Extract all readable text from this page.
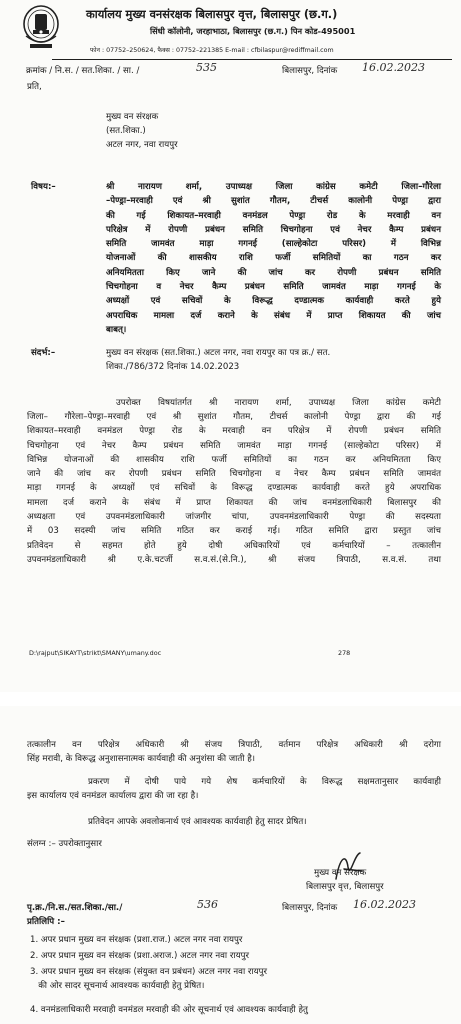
कार्यालय मुख्य वनसंरक्षक बिलासपुर वृत्त, बिलासपुर (छ.ग.)
सिंधी कॉलोनी, जरहाभाठा, बिलासपुर (छ.ग.) पिन कोड-495001
फोन : 07752–250624, फैक्स : 07752–221385 E-mail : cfbilaspur@rediffmail.com
क्रमांक / नि.स. / सत.शिका. / सा. /	535	बिलासपुर, दिनांक 16.02.2023
प्रति,
मुख्य वन संरक्षक
(सत.शिका.)
अटल नगर, नवा रायपुर
विषय:–	श्री नारायण शर्मा, उपाध्यक्ष जिला कांग्रेस कमेटी जिला–गौरेला
–पेण्ड्रा–मरवाही एवं श्री सुशांत गौतम, टीचर्स कालोनी पेण्ड्रा द्वारा
की गई शिकायत–मरवाही वनमंडल पेण्ड्रा रोड के मरवाही वन
परिक्षेत्र में रोपणी प्रबंधन समिति चिचगोहना एवं नेचर कैम्प प्रबंधन
समिति जामवंत माड़ा गगनई (साल्हेकोटा परिसर) में विभिन्न
योजनाओं की शासकीय राशि फर्जी समितियों का गठन कर
अनियमितता किए जाने की जांच कर रोपणी प्रबंधन समिति
चिचगोहना व नेचर कैम्प प्रबंधन समिति जामवंत माड़ा गगनई के
अध्यक्षों एवं सचिवों के विरूद्ध दण्डात्मक कार्यवाही करते हुये
अपराधिक मामला दर्ज कराने के संबंध में प्राप्त शिकायत की जांच
बाबत्।
संदर्भ:–	मुख्य वन संरक्षक (सत.शिका.) अटल नगर, नवा रायपुर का पत्र क्र./ सत.
शिका./786/372 दिनांक 14.02.2023
उपरोक्त विषयांतर्गत श्री नारायण शर्मा, उपाध्यक्ष जिला कांग्रेस कमेटी
जिला– गौरेला–पेण्ड्रा–मरवाही एवं श्री सुशांत गौतम, टीचर्स कालोनी पेण्ड्रा द्वारा की गई
शिकायत–मरवाही वनमंडल पेण्ड्रा रोड के मरवाही वन परिक्षेत्र में रोपणी प्रबंधन समिति
चिचगोहना एवं नेचर कैम्प प्रबंधन समिति जामवंत माड़ा गगनई (साल्हेकोटा परिसर) में
विभिन्न योजनाओं की शासकीय राशि फर्जी समितियों का गठन कर अनियमितता किए
जाने की जांच कर रोपणी प्रबंधन समिति चिचगोहना व नेचर कैम्प प्रबंधन समिति जामवंत
माड़ा गगनई के अध्यक्षों एवं सचिवों के विरूद्ध दण्डात्मक कार्यवाही करते हुये अपराधिक
मामला दर्ज कराने के संबंध में प्राप्त शिकायत की जांच वनमंडलाधिकारी बिलासपुर की
अध्यक्षता एवं उपवनमंडलाधिकारी जांजगीर चांपा, उपवनमंडलाधिकारी पेण्ड्रा की सदस्यता
में 03 सदस्यी जांच समिति गठित कर कराई गई। गठित समिति द्वारा प्रस्तुत जांच
प्रतिवेदन से सहमत होते हुये दोषी अधिकारियों एवं कर्मचारियों – तत्कालीन
उपवनमंडलाधिकारी श्री ए.के.चटर्जी स.व.सं.(से.नि.), श्री संजय त्रिपाठी, स.व.सं. तथा
D:\rajput\SIKAYT\strikt\SMANY\umany.doc	278
तत्कालीन वन परिक्षेत्र अधिकारी श्री संजय त्रिपाठी, वर्तमान परिक्षेत्र अधिकारी श्री दरोगा
सिंह मरावी, के विरूद्ध अनुशासनात्मक कार्यवाही की अनुशंसा की जाती है।
प्रकरण में दोषी पाये गये शेष कर्मचारियों के विरूद्ध सक्षमतानुसार कार्यवाही
इस कार्यालय एवं वनमंडल कार्यालय द्वारा की जा रहा है।
प्रतिवेदन आपके अवलोकनार्थ एवं आवश्यक कार्यवाही हेतु सादर प्रेषित।
संलग्न :– उपरोक्तानुसार
मुख्य वन संरक्षक
बिलासपुर वृत्त, बिलासपुर
पृ.क्र./नि.स./सत.शिका./सा./	536	बिलासपुर, दिनांक 16.02.2023
प्रतिलिपि :–
1. अपर प्रधान मुख्य वन संरक्षक (प्रशा.राज.) अटल नगर नवा रायपुर
2. अपर प्रधान मुख्य वन संरक्षक (प्रशा.अराज.) अटल नगर नवा रायपुर
3. अपर प्रधान मुख्य वन संरक्षक (संयुक्त वन प्रबंधन) अटल नगर नवा रायपुर
की ओर सादर सूचनार्थ आवश्यक कार्यवाही हेतु प्रेषित।
4. वनमंडलाधिकारी मरवाही वनमंडल मरवाही की ओर सूचनार्थ एवं आवश्यक कार्यवाही हेतु
